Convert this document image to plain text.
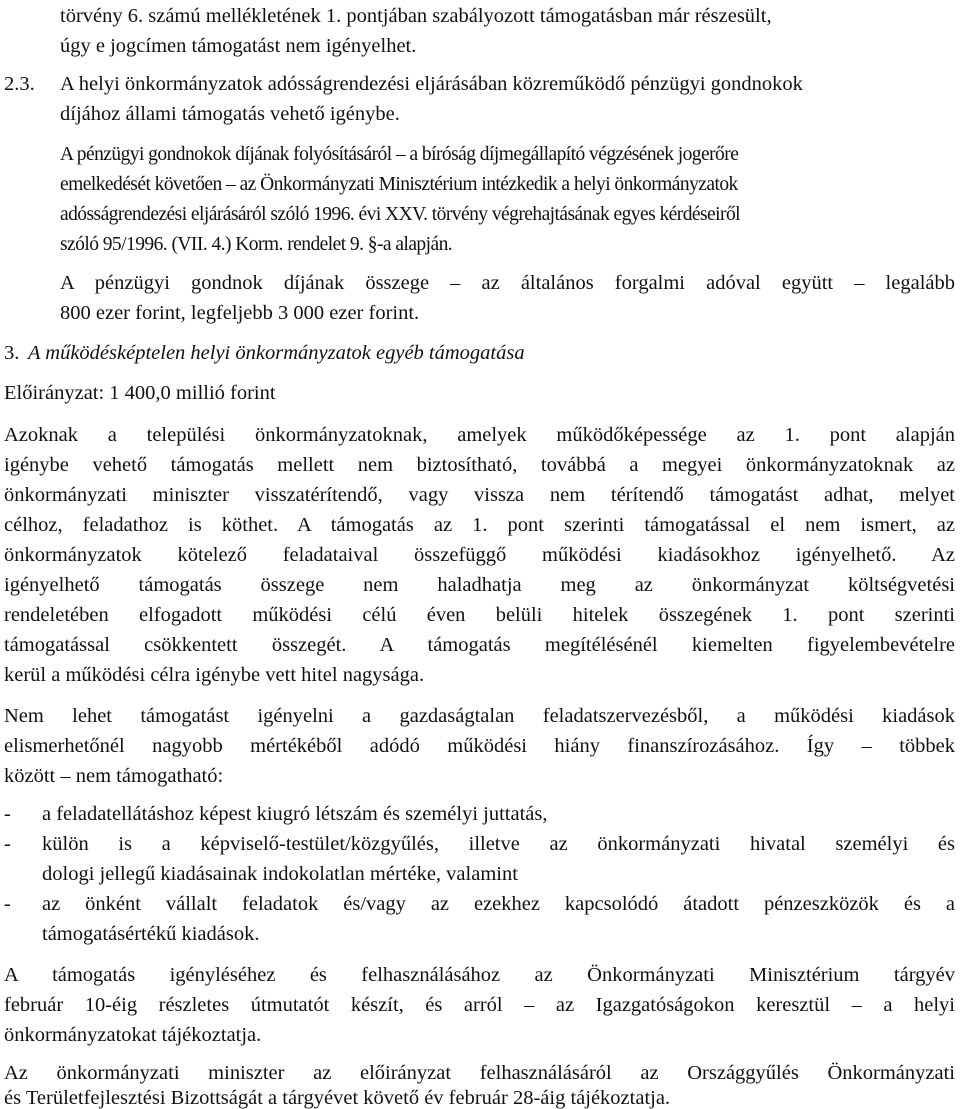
törvény 6. számú mellékletének 1. pontjában szabályozott támogatásban már részesült,
úgy e jogcímen támogatást nem igényelhet.
2.3. A helyi önkormányzatok adósságrendezési eljárásában közreműködő pénzügyi gondnokok
díjához állami támogatás vehető igénybe.
A pénzügyi gondnokok díjának folyósításáról – a bíróság díjmegállapító végzésének jogerőre
emelkedését követően – az Önkormányzati Minisztérium intézkedik a helyi önkormányzatok
adósságrendezési eljárásáról szóló 1996. évi XXV. törvény végrehajtásának egyes kérdéseiről
szóló 95/1996. (VII. 4.) Korm. rendelet 9. §-a alapján.
A pénzügyi gondnok díjának összege – az általános forgalmi adóval együtt – legalább
800 ezer forint, legfeljebb 3 000 ezer forint.
3. A működésképtelen helyi önkormányzatok egyéb támogatása
Előirányzat: 1 400,0 millió forint
Azoknak a települési önkormányzatoknak, amelyek működőképessége az 1. pont alapján
igénybe vehető támogatás mellett nem biztosítható, továbbá a megyei önkormányzatoknak az
önkormányzati miniszter visszatérítendő, vagy vissza nem térítendő támogatást adhat, melyet
célhoz, feladathoz is köthet. A támogatás az 1. pont szerinti támogatással el nem ismert, az
önkormányzatok kötelező feladataival összefüggő működési kiadásokhoz igényelhető. Az
igényelhető támogatás összege nem haladhatja meg az önkormányzat költségvetési
rendeletében elfogadott működési célú éven belüli hitelek összegének 1. pont szerinti
támogatással csökkentett összegét. A támogatás megítélésénél kiemelten figyelembevételre
kerül a működési célra igénybe vett hitel nagysága.
Nem lehet támogatást igényelni a gazdaságtalan feladatszervezésből, a működési kiadások
elismerhetőnél nagyobb mértékéből adódó működési hiány finanszírozásához. Így – többek
között – nem támogatható:
- a feladatellátáshoz képest kiugró létszám és személyi juttatás,
- külön is a képviselő-testület/közgyűlés, illetve az önkormányzati hivatal személyi és
dologi jellegű kiadásainak indokolatlan mértéke, valamint
- az önként vállalt feladatok és/vagy az ezekhez kapcsolódó átadott pénzeszközök és a
támogatásértékű kiadások.
A támogatás igényléséhez és felhasználásához az Önkormányzati Minisztérium tárgyév
február 10-éig részletes útmutatót készít, és arról – az Igazgatóságokon keresztül – a helyi
önkormányzatokat tájékoztatja.
Az önkormányzati miniszter az előirányzat felhasználásáról az Országgyűlés Önkormányzati
és Területfejlesztési Bizottságát a tárgyévet követő év február 28-áig tájékoztatja.
